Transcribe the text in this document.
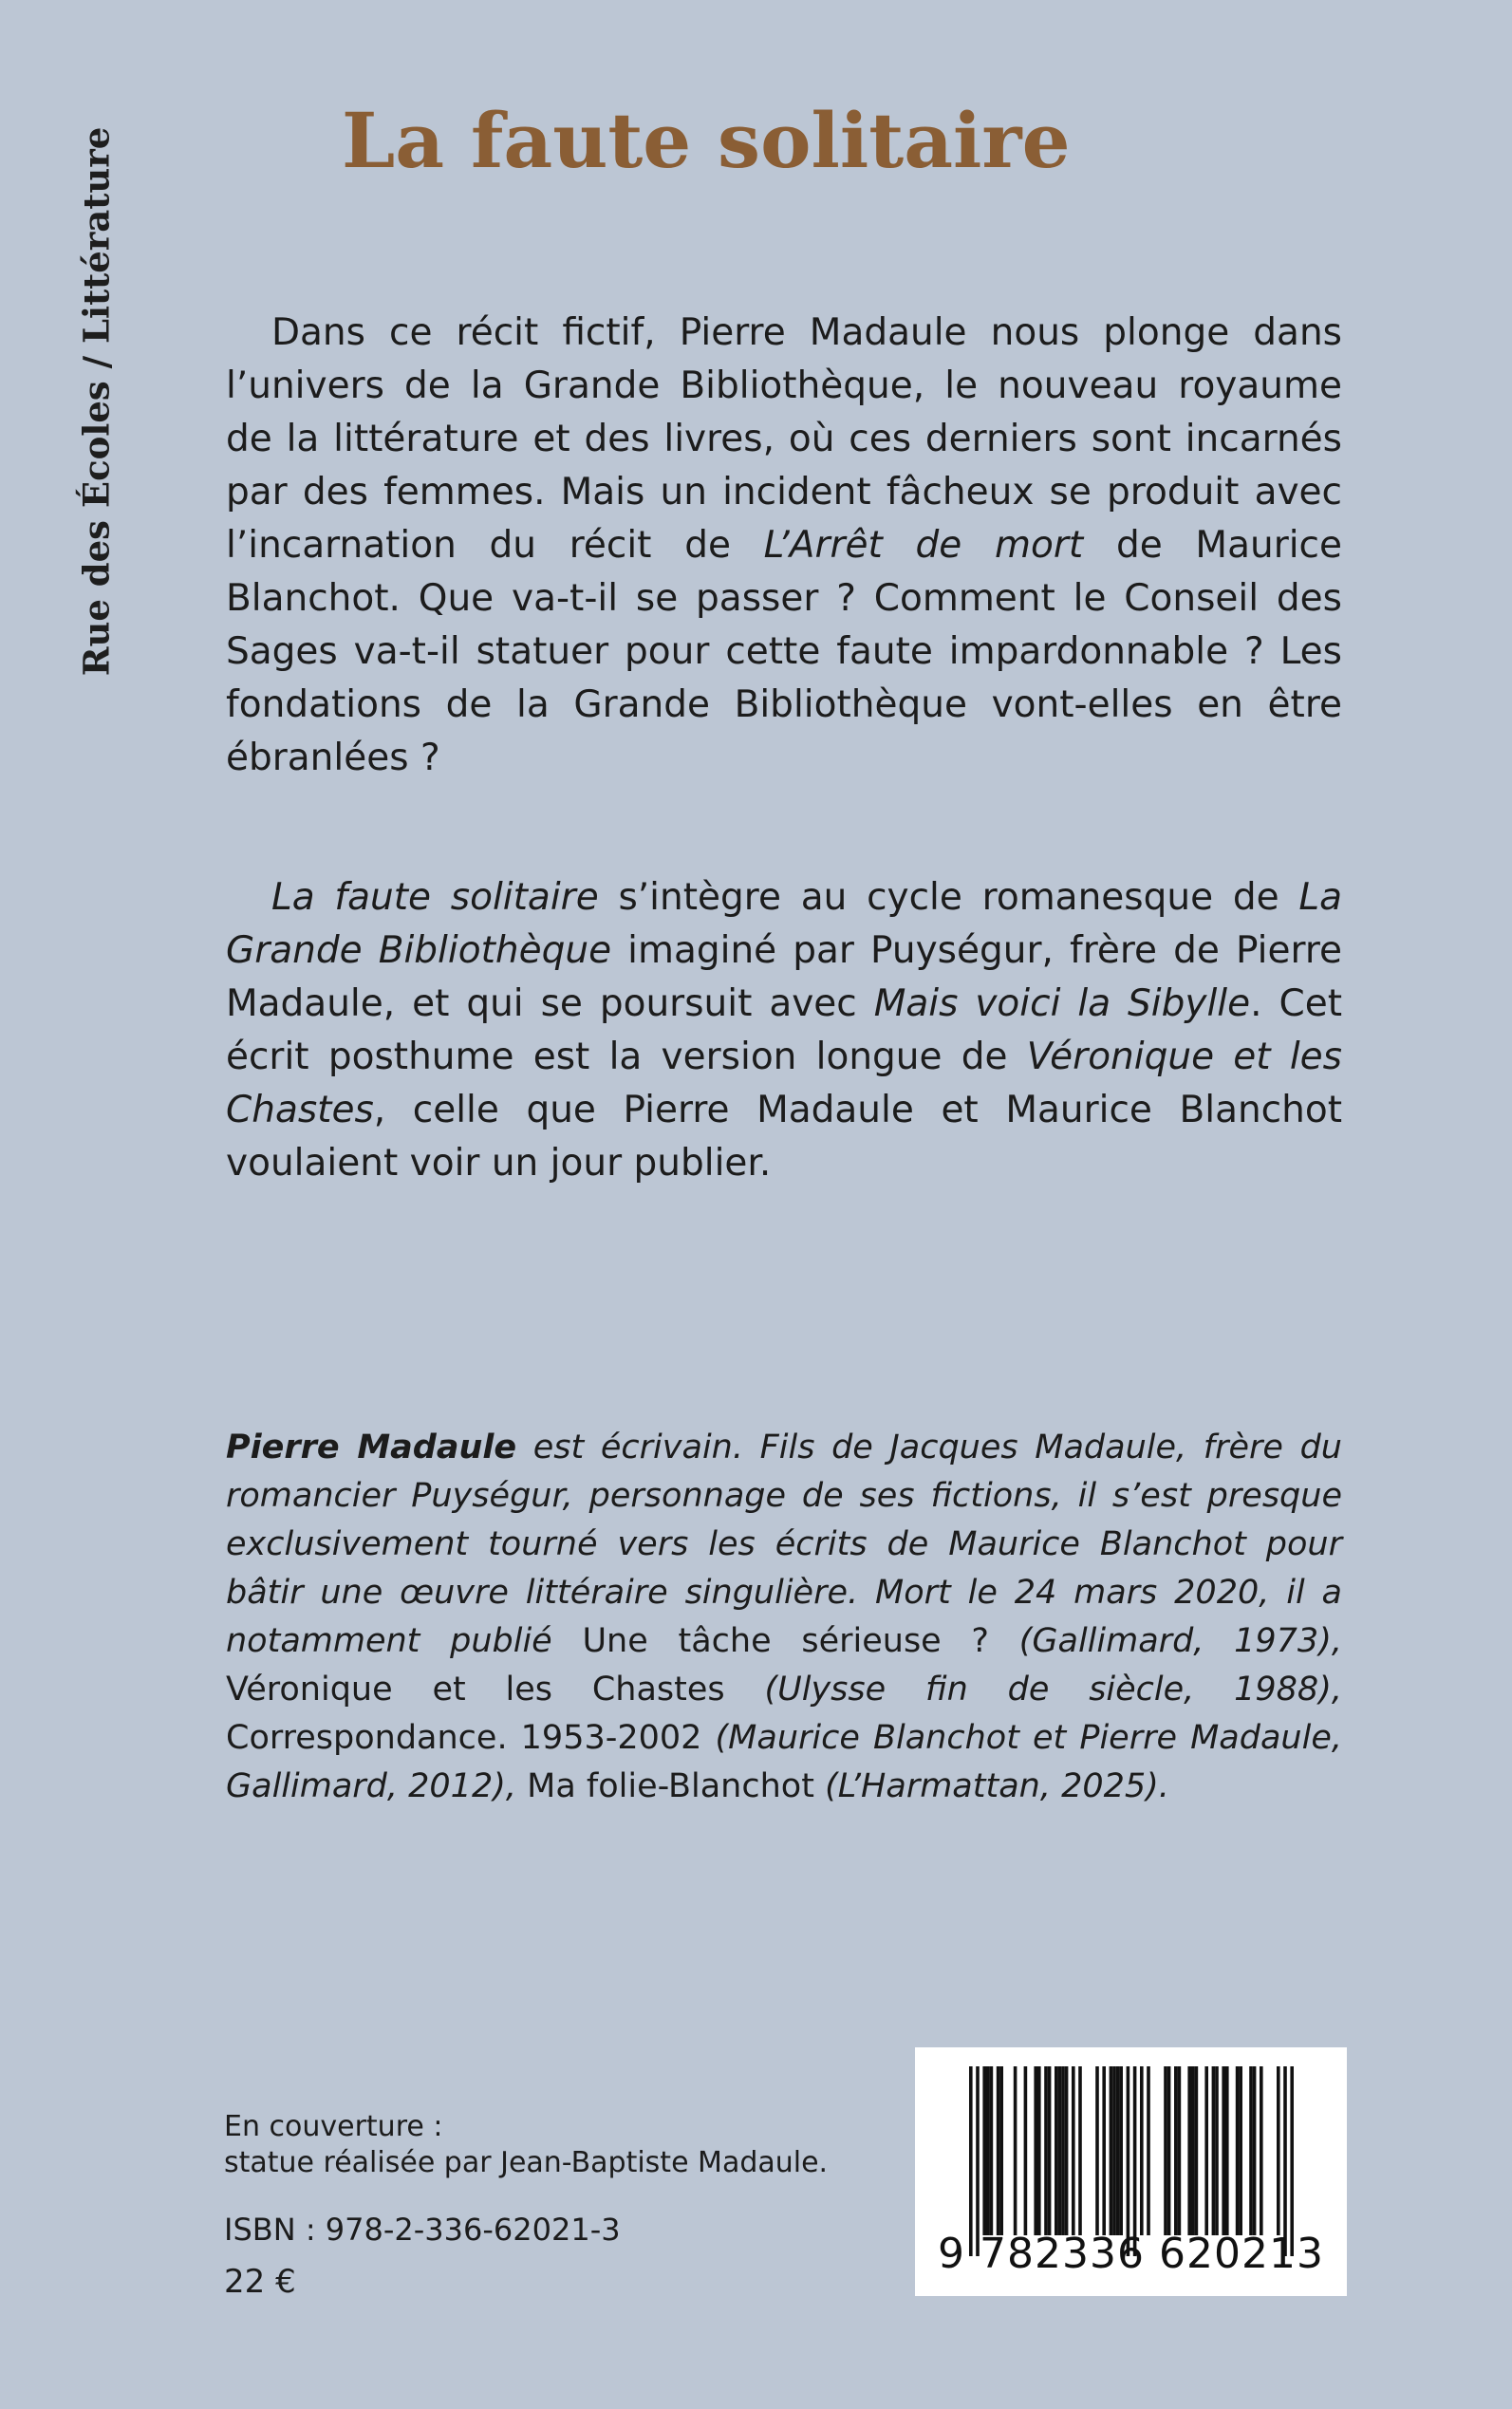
Rue des Écoles / Littérature	La faute solitaire

Dans ce récit fictif, Pierre Madaule nous plonge dans l’univers de la Grande Bibliothèque, le nouveau royaume de la littérature et des livres, où ces derniers sont incarnés par des femmes. Mais un incident fâcheux se produit avec l’incarnation du récit de L’Arrêt de mort de Maurice Blanchot. Que va-t-il se passer ? Comment le Conseil des Sages va-t-il statuer pour cette faute impardonnable ? Les fondations de la Grande Bibliothèque vont-elles en être ébranlées ?

La faute solitaire s’intègre au cycle romanesque de La Grande Bibliothèque imaginé par Puységur, frère de Pierre Madaule, et qui se poursuit avec Mais voici la Sibylle. Cet écrit posthume est la version longue de Véronique et les Chastes, celle que Pierre Madaule et Maurice Blanchot voulaient voir un jour publier.

Pierre Madaule est écrivain. Fils de Jacques Madaule, frère du romancier Puységur, personnage de ses fictions, il s’est presque exclusivement tourné vers les écrits de Maurice Blanchot pour bâtir une œuvre littéraire singulière. Mort le 24 mars 2020, il a notamment publié Une tâche sérieuse ? (Gallimard, 1973), Véronique et les Chastes (Ulysse fin de siècle, 1988), Correspondance. 1953-2002 (Maurice Blanchot et Pierre Madaule, Gallimard, 2012), Ma folie-Blanchot (L’Harmattan, 2025).

En couverture :
statue réalisée par Jean-Baptiste Madaule.
ISBN : 978-2-336-62021-3
22 €
9 782336 620213
